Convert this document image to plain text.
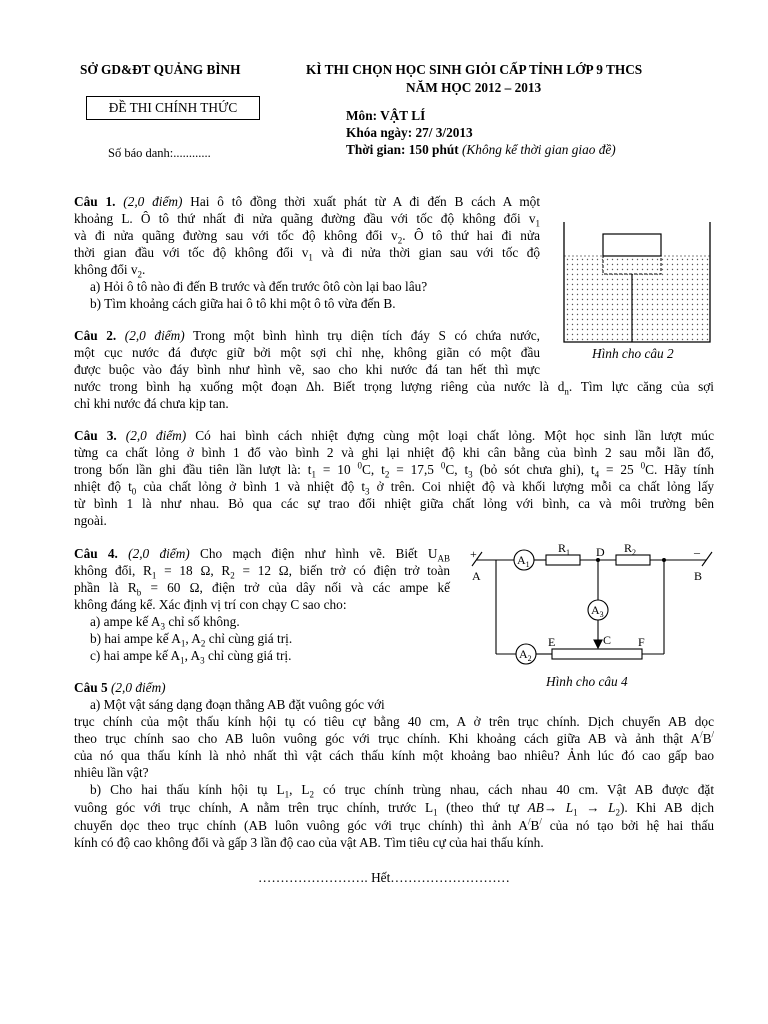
SỞ GD&ĐT QUẢNG BÌNH
ĐỀ THI CHÍNH THỨC
Số báo danh:............
KÌ THI CHỌN HỌC SINH GIỎI CẤP TỈNH LỚP 9 THCS
NĂM HỌC 2012 – 2013
Môn: VẬT LÍ
Khóa ngày: 27/ 3/2013
Thời gian: 150 phút (Không kể thời gian giao đề)
Câu 1. (2,0 điểm) Hai ô tô đồng thời xuất phát từ A đi đến B cách A một
khoảng L. Ô tô thứ nhất đi nửa quãng đường đầu với tốc độ không đổi $v_1$
và đi nửa quãng đường sau với tốc độ không đổi $v_2$. Ô tô thứ hai đi nửa
thời gian đầu với tốc độ không đổi $v_1$ và đi nửa thời gian sau với tốc độ
không đổi $v_2$.
a) Hỏi ô tô nào đi đến B trước và đến trước ôtô còn lại bao lâu?
b) Tìm khoảng cách giữa hai ô tô khi một ô tô vừa đến B.
Hình cho câu 2
Câu 2. (2,0 điểm) Trong một bình hình trụ diện tích đáy S có chứa nước,
một cục nước đá được giữ bởi một sợi chỉ nhẹ, không giãn có một đầu
được buộc vào đáy bình như hình vẽ, sao cho khi nước đá tan hết thì mực
nước trong bình hạ xuống một đoạn Δh. Biết trọng lượng riêng của nước là $d_n$. Tìm lực căng của sợi
chỉ khi nước đá chưa kịp tan.
Câu 3. (2,0 điểm) Có hai bình cách nhiệt đựng cùng một loại chất lỏng. Một học sinh lần lượt múc
từng ca chất lỏng ở bình 1 đổ vào bình 2 và ghi lại nhiệt độ khi cân bằng của bình 2 sau mỗi lần đổ,
trong bốn lần ghi đầu tiên lần lượt là: $t_1 = 10$ $^0$C, $t_2 = 17,5$ $^0$C, $t_3$ (bỏ sót chưa ghi), $t_4 = 25$ $^0$C. Hãy tính
nhiệt độ $t_0$ của chất lỏng ở bình 1 và nhiệt độ $t_3$ ở trên. Coi nhiệt độ và khối lượng mỗi ca chất lỏng lấy
từ bình 1 là như nhau. Bỏ qua các sự trao đổi nhiệt giữa chất lỏng với bình, ca và môi trường bên
ngoài.
Câu 4. (2,0 điểm) Cho mạch điện như hình vẽ. Biết $U_{AB}$
không đổi, $R_1 = 18$ Ω, $R_2 = 12$ Ω, biến trở có điện trở toàn
phần là $R_b = 60$ Ω, điện trở của dây nối và các ampe kế
không đáng kể. Xác định vị trí con chạy C sao cho:
a) ampe kế $A_3$ chỉ số không.
b) hai ampe kế $A_1$, $A_2$ chỉ cùng giá trị.
c) hai ampe kế $A_1$, $A_3$ chỉ cùng giá trị.
+	–
A	B
$R_1$ D $R_2$
$A_1$
$A_3$
$A_2$
E	C F
Hình cho câu 4
Câu 5 (2,0 điểm)
a) Một vật sáng dạng đoạn thẳng AB đặt vuông góc với
trục chính của một thấu kính hội tụ có tiêu cự bằng 40 cm, A ở trên trục chính. Dịch chuyển AB dọc
theo trục chính sao cho AB luôn vuông góc với trục chính. Khi khoảng cách giữa AB và ảnh thật A/B/
của nó qua thấu kính là nhỏ nhất thì vật cách thấu kính một khoảng bao nhiêu? Ảnh lúc đó cao gấp bao
nhiêu lần vật?
b) Cho hai thấu kính hội tụ $L_1$, $L_2$ có trục chính trùng nhau, cách nhau 40 cm. Vật AB được đặt
vuông góc với trục chính, A nằm trên trục chính, trước $L_1$ (theo thứ tự $AB\to L_1 \to L_2$). Khi AB dịch
chuyển dọc theo trục chính (AB luôn vuông góc với trục chính) thì ảnh A/B/ của nó tạo bởi hệ hai thấu
kính có độ cao không đổi và gấp 3 lần độ cao của vật AB. Tìm tiêu cự của hai thấu kính.
……………………. Hết………………………
